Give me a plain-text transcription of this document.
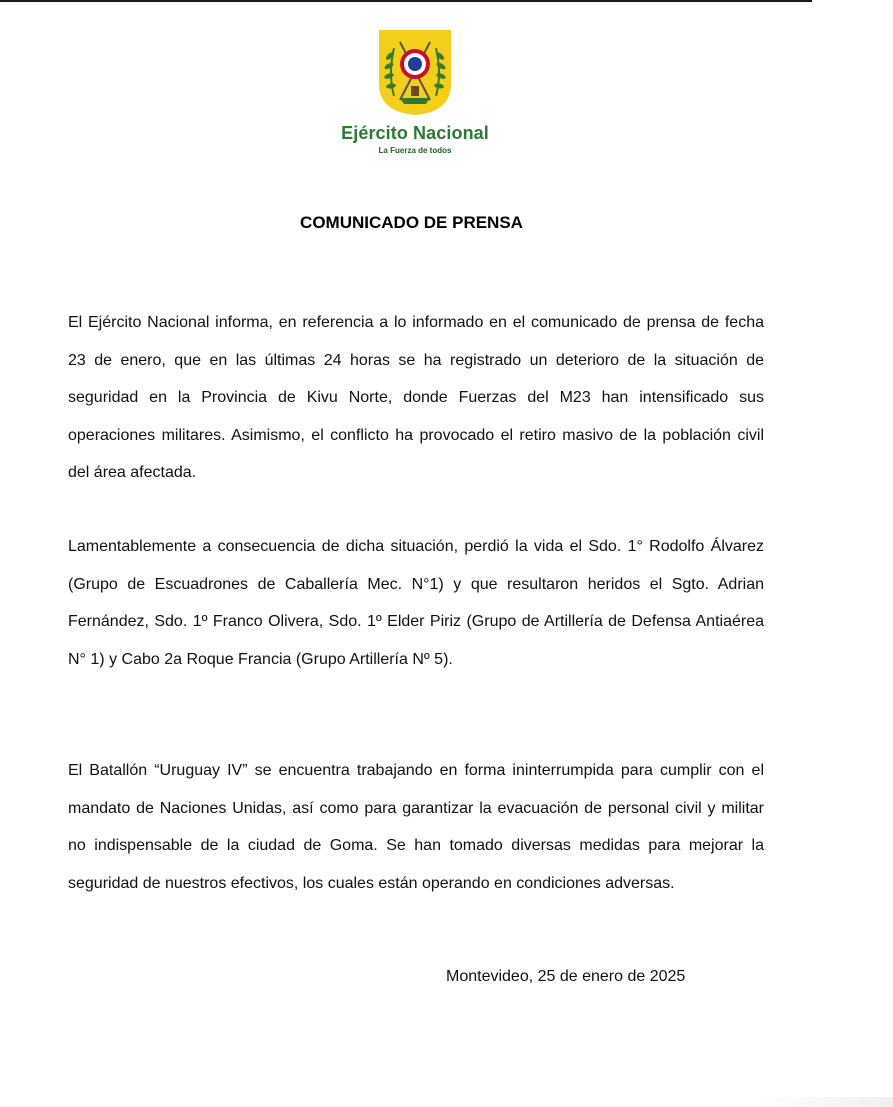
Ejército Nacional
La Fuerza de todos
COMUNICADO DE PRENSA

El Ejército Nacional informa, en referencia a lo informado en el comunicado de prensa de fecha 23 de enero, que en las últimas 24 horas se ha registrado un deterioro de la situación de seguridad en la Provincia de Kivu Norte, donde Fuerzas del M23 han intensificado sus operaciones militares. Asimismo, el conflicto ha provocado el retiro masivo de la población civil del área afectada.

Lamentablemente a consecuencia de dicha situación, perdió la vida el Sdo. 1° Rodolfo Álvarez (Grupo de Escuadrones de Caballería Mec. N°1) y que resultaron heridos el Sgto. Adrian Fernández, Sdo. 1º Franco Olivera, Sdo. 1º Elder Piriz (Grupo de Artillería de Defensa Antiaérea N° 1) y Cabo 2a Roque Francia (Grupo Artillería Nº 5).

El Batallón “Uruguay IV” se encuentra trabajando en forma ininterrumpida para cumplir con el mandato de Naciones Unidas, así como para garantizar la evacuación de personal civil y militar no indispensable de la ciudad de Goma. Se han tomado diversas medidas para mejorar la seguridad de nuestros efectivos, los cuales están operando en condiciones adversas.

Montevideo, 25 de enero de 2025
